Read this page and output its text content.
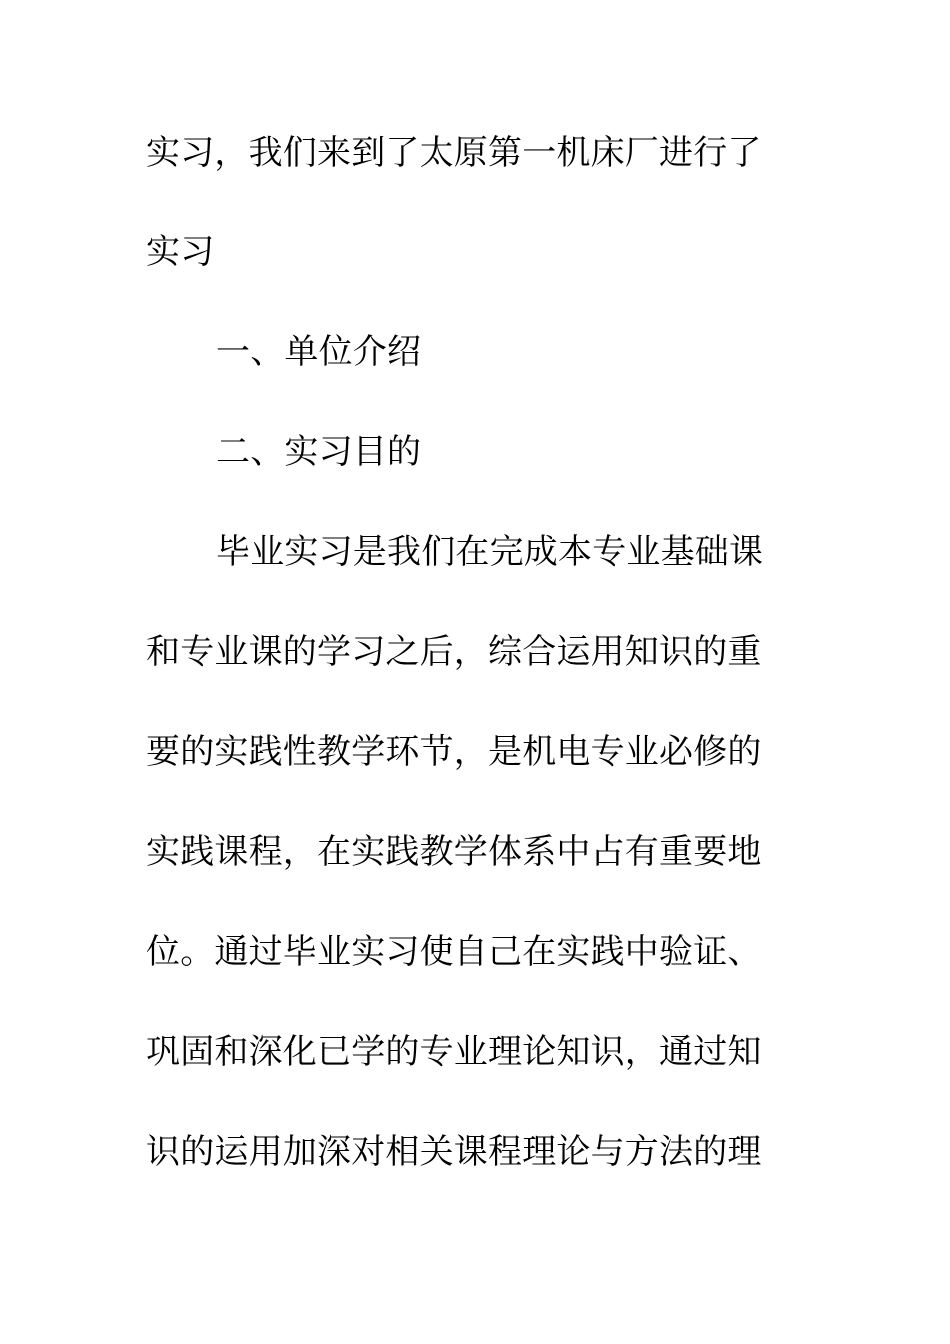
实习，我们来到了太原第一机床厂进行了
实习
一、单位介绍
二、实习目的
毕业实习是我们在完成本专业基础课
和专业课的学习之后，综合运用知识的重
要的实践性教学环节，是机电专业必修的
实践课程，在实践教学体系中占有重要地
位。通过毕业实习使自己在实践中验证、
巩固和深化已学的专业理论知识，通过知
识的运用加深对相关课程理论与方法的理
